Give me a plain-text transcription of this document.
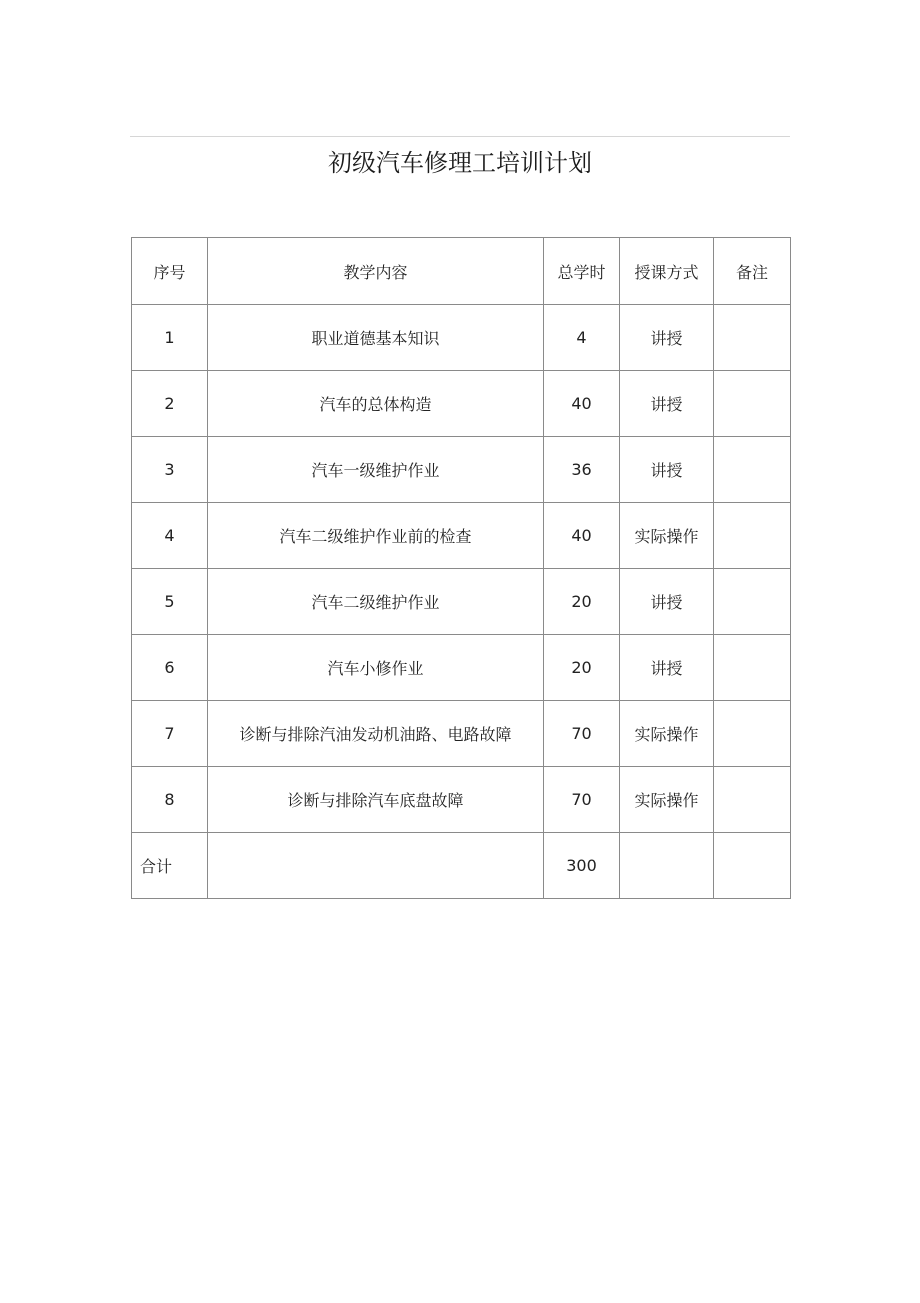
初级汽车修理工培训计划
序号	教学内容	总学时	授课方式	备注
1	职业道德基本知识	4	讲授	
2	汽车的总体构造	40	讲授	
3	汽车一级维护作业	36	讲授	
4	汽车二级维护作业前的检查	40	实际操作	
5	汽车二级维护作业	20	讲授	
6	汽车小修作业	20	讲授	
7	诊断与排除汽油发动机油路、电路故障	70	实际操作	
8	诊断与排除汽车底盘故障	70	实际操作	
合计		300		
